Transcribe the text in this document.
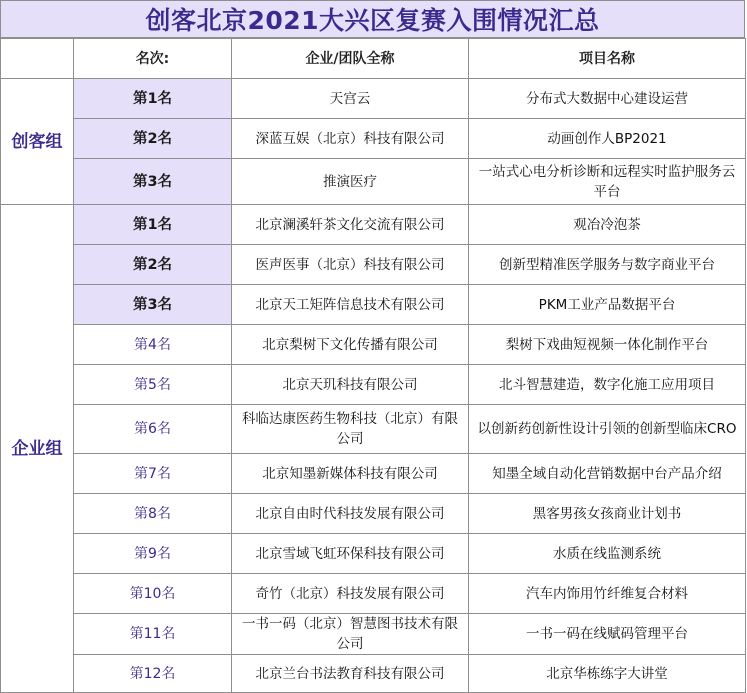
创客北京2021大兴区复赛入围情况汇总
	名次:	企业/团队全称	项目名称
创客组	第1名	天宫云	分布式大数据中心建设运营
	第2名	深蓝互娱（北京）科技有限公司	动画创作人BP2021
	第3名	推演医疗	一站式心电分析诊断和远程实时监护服务云平台
企业组	第1名	北京澜溪轩茶文化交流有限公司	观冶冷泡茶
	第2名	医声医事（北京）科技有限公司	创新型精准医学服务与数字商业平台
	第3名	北京天工矩阵信息技术有限公司	PKM工业产品数据平台
	第4名	北京梨树下文化传播有限公司	梨树下戏曲短视频一体化制作平台
	第5名	北京天玑科技有限公司	北斗智慧建造，数字化施工应用项目
	第6名	科临达康医药生物科技（北京）有限公司	以创新药创新性设计引领的创新型临床CRO
	第7名	北京知墨新媒体科技有限公司	知墨全域自动化营销数据中台产品介绍
	第8名	北京自由时代科技发展有限公司	黑客男孩女孩商业计划书
	第9名	北京雪域飞虹环保科技有限公司	水质在线监测系统
	第10名	奇竹（北京）科技发展有限公司	汽车内饰用竹纤维复合材料
	第11名	一书一码（北京）智慧图书技术有限公司	一书一码在线赋码管理平台
	第12名	北京兰台书法教育科技有限公司	北京华栋练字大讲堂
